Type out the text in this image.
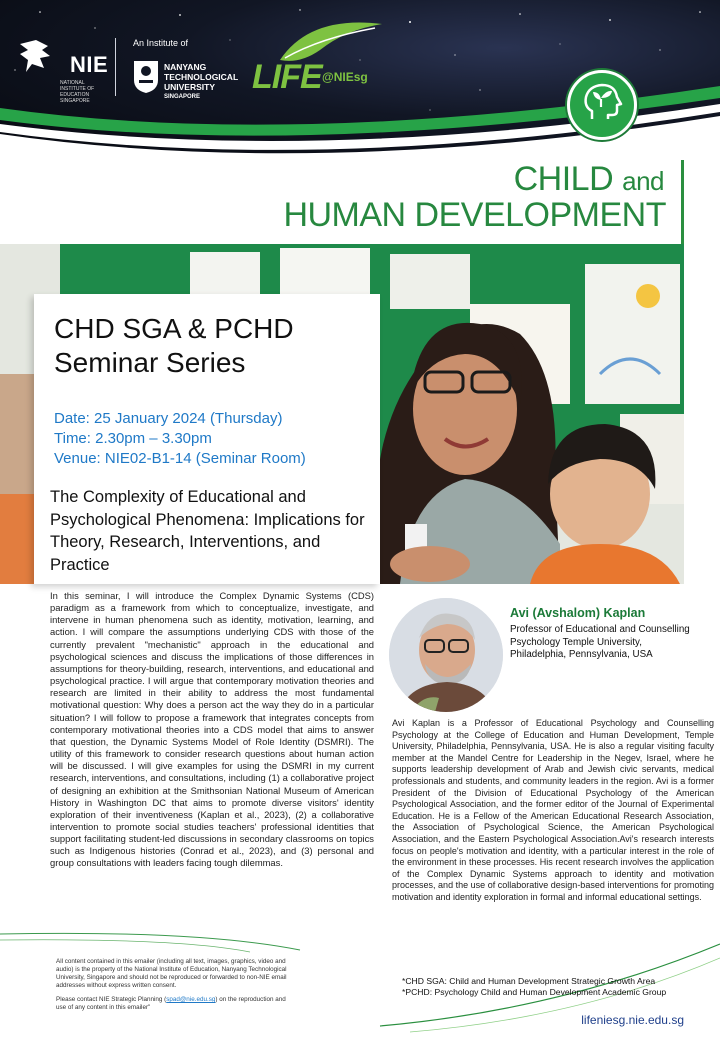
NIE
NATIONAL INSTITUTE OF EDUCATION SINGAPORE
An Institute of
NANYANG
TECHNOLOGICAL
UNIVERSITY
SINGAPORE
LIFE @NIEsg
CHILD and
HUMAN DEVELOPMENT
CHD SGA & PCHD
Seminar Series
Date: 25 January 2024 (Thursday)
Time: 2.30pm – 3.30pm
Venue: NIE02-B1-14 (Seminar Room)
The Complexity of Educational and Psychological Phenomena: Implications for Theory, Research, Interventions, and Practice
In this seminar, I will introduce the Complex Dynamic Systems (CDS) paradigm as a framework from which to conceptualize, investigate, and intervene in human phenomena such as identity, motivation, learning, and action. I will compare the assumptions underlying CDS with those of the currently prevalent "mechanistic" approach in the educational and psychological sciences and discuss the implications of those differences in assumptions for theory-building, research, interventions, and educational and psychological practice. I will argue that contemporary motivation theories and research are limited in their ability to address the most fundamental motivational question: Why does a person act the way they do in a particular situation? I will follow to propose a framework that integrates concepts from contemporary motivational theories into a CDS model that aims to answer that question, the Dynamic Systems Model of Role Identity (DSMRI). The utility of this framework to consider research questions about human action will be discussed. I will give examples for using the DSMRI in my current research, interventions, and consultations, including (1) a collaborative project of designing an exhibition at the Smithsonian National Museum of American History in Washington DC that aims to promote diverse visitors' identity exploration of their inventiveness (Kaplan et al., 2023), (2) a collaborative intervention to promote social studies teachers' professional identities that support facilitating student-led discussions in secondary classrooms on topics such as Indigenous histories (Conrad et al., 2023), and (3) personal and group consultations with leaders facing tough dilemmas.
Avi (Avshalom) Kaplan
Professor of Educational and Counselling Psychology Temple University, Philadelphia, Pennsylvania, USA
Avi Kaplan is a Professor of Educational Psychology and Counselling Psychology at the College of Education and Human Development, Temple University, Philadelphia, Pennsylvania, USA. He is also a regular visiting faculty member at the Mandel Centre for Leadership in the Negev, Israel, where he supports leadership development of Arab and Jewish civic servants, medical professionals and students, and community leaders in the region. Avi is a former President of the Division of Educational Psychology of the American Psychological Association, and the former editor of the Journal of Experimental Education. He is a Fellow of the American Educational Research Association, the Association of Psychological Science, the American Psychological Association, and the Eastern Psychological Association.Avi's research interests focus on people's motivation and identity, with a particular interest in the role of the environment in these processes. His recent research involves the application of the Complex Dynamic Systems approach to identity and motivation processes, and the use of collaborative design-based interventions for promoting motivation and identity exploration in formal and informal educational settings.

All content contained in this emailer (including all text, images, graphics, video and audio) is the property of the National Institute of Education, Nanyang Technological University, Singapore and should not be reproduced or forwarded to non-NIE email addresses without express written consent.

Please contact NIE Strategic Planning (spad@nie.edu.sg) on the reproduction and use of any content in this emailer"

*CHD SGA: Child and Human Development Strategic Growth Area
*PCHD: Psychology Child and Human Development Academic Group
lifeniesg.nie.edu.sg
